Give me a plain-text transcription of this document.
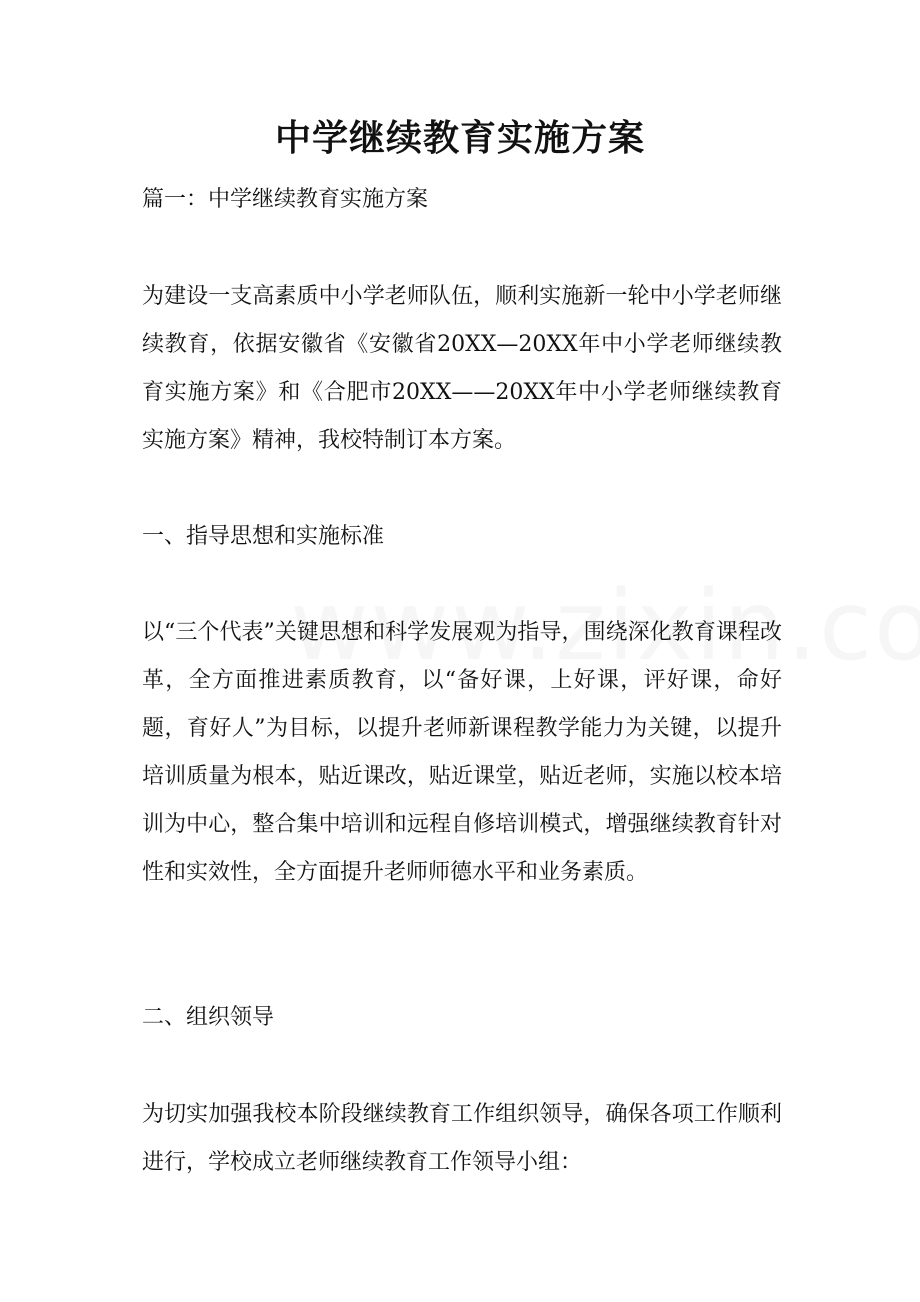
中学继续教育实施方案

篇一：中学继续教育实施方案

为建设一支高素质中小学老师队伍，顺利实施新一轮中小学老师继续教育，依据安徽省《安徽省20XX—20XX年中小学老师继续教育实施方案》和《合肥市20XX——20XX年中小学老师继续教育实施方案》精神，我校特制订本方案。

一、指导思想和实施标准

以“三个代表”关键思想和科学发展观为指导，围绕深化教育课程改革，全方面推进素质教育，以“备好课，上好课，评好课，命好题，育好人”为目标，以提升老师新课程教学能力为关键，以提升培训质量为根本，贴近课改，贴近课堂，贴近老师，实施以校本培训为中心，整合集中培训和远程自修培训模式，增强继续教育针对性和实效性，全方面提升老师师德水平和业务素质。

二、组织领导

为切实加强我校本阶段继续教育工作组织领导，确保各项工作顺利进行，学校成立老师继续教育工作领导小组：
